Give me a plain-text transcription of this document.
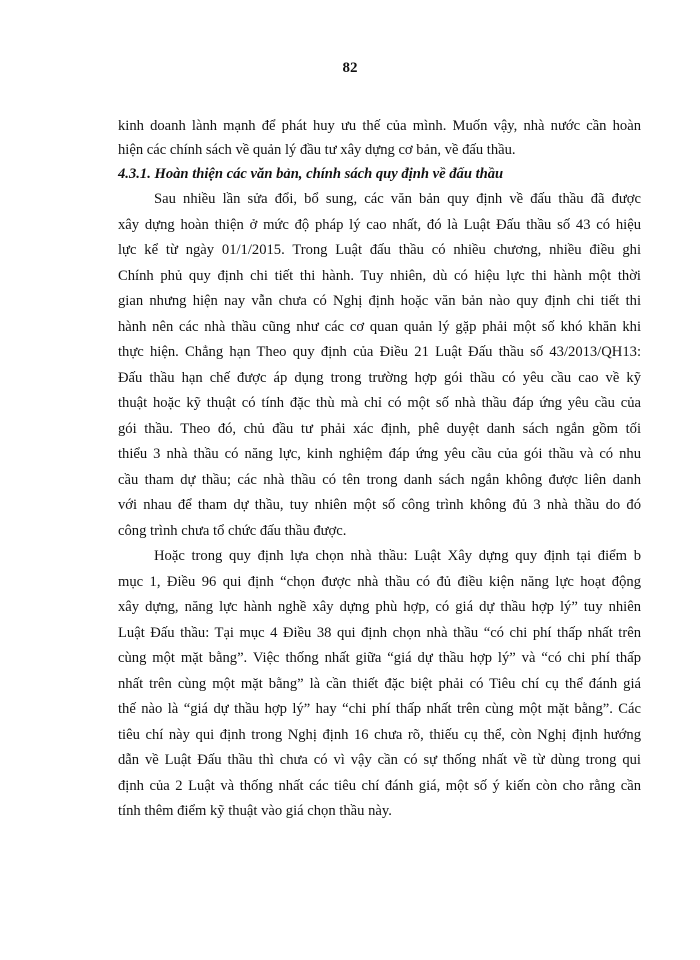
82

kinh doanh lành mạnh để phát huy ưu thế của mình. Muốn vậy, nhà nước cần hoàn

hiện các chính sách về quản lý đầu tư xây dựng cơ bản, về đấu thầu.

4.3.1. Hoàn thiện các văn bản, chính sách quy định về đấu thầu

Sau nhiều lần sửa đổi, bổ sung, các văn bản quy định về đấu thầu đã được

xây dựng hoàn thiện ở mức độ pháp lý cao nhất, đó là Luật Đấu thầu số 43 có hiệu

lực kể từ ngày 01/1/2015. Trong Luật đấu thầu có nhiều chương, nhiều điều ghi

Chính phủ quy định chi tiết thi hành. Tuy nhiên, dù có hiệu lực thi hành một thời

gian nhưng hiện nay vẫn chưa có Nghị định hoặc văn bản nào quy định chi tiết thi

hành nên các nhà thầu cũng như các cơ quan quản lý gặp phải một số khó khăn khi

thực hiện. Chẳng hạn Theo quy định của Điều 21 Luật Đấu thầu số 43/2013/QH13:

Đấu thầu hạn chế được áp dụng trong trường hợp gói thầu có yêu cầu cao về kỹ

thuật hoặc kỹ thuật có tính đặc thù mà chỉ có một số nhà thầu đáp ứng yêu cầu của

gói thầu. Theo đó, chủ đầu tư phải xác định, phê duyệt danh sách ngắn gồm tối

thiểu 3 nhà thầu có năng lực, kinh nghiệm đáp ứng yêu cầu của gói thầu và có nhu

cầu tham dự thầu; các nhà thầu có tên trong danh sách ngắn không được liên danh

với nhau để tham dự thầu, tuy nhiên một số công trình không đủ 3 nhà thầu do đó

công trình chưa tổ chức đấu thầu được.

Hoặc trong quy định lựa chọn nhà thầu: Luật Xây dựng quy định tại điểm b

mục 1, Điều 96 qui định “chọn được nhà thầu có đủ điều kiện năng lực hoạt động

xây dựng, năng lực hành nghề xây dựng phù hợp, có giá dự thầu hợp lý” tuy nhiên

Luật Đấu thầu: Tại mục 4 Điều 38 qui định chọn nhà thầu “có chi phí thấp nhất trên

cùng một mặt bằng”. Việc thống nhất giữa “giá dự thầu hợp lý” và “có chi phí thấp

nhất trên cùng một mặt bằng” là cần thiết đặc biệt phải có Tiêu chí cụ thể đánh giá

thế nào là “giá dự thầu hợp lý” hay “chi phí thấp nhất trên cùng một mặt bằng”. Các

tiêu chí này qui định trong Nghị định 16 chưa rõ, thiếu cụ thể, còn Nghị định hướng

dẫn về Luật Đấu thầu thì chưa có vì vậy cần có sự thống nhất về từ dùng trong qui

định của 2 Luật và thống nhất các tiêu chí đánh giá, một số ý kiến còn cho rằng cần

tính thêm điểm kỹ thuật vào giá chọn thầu này.
